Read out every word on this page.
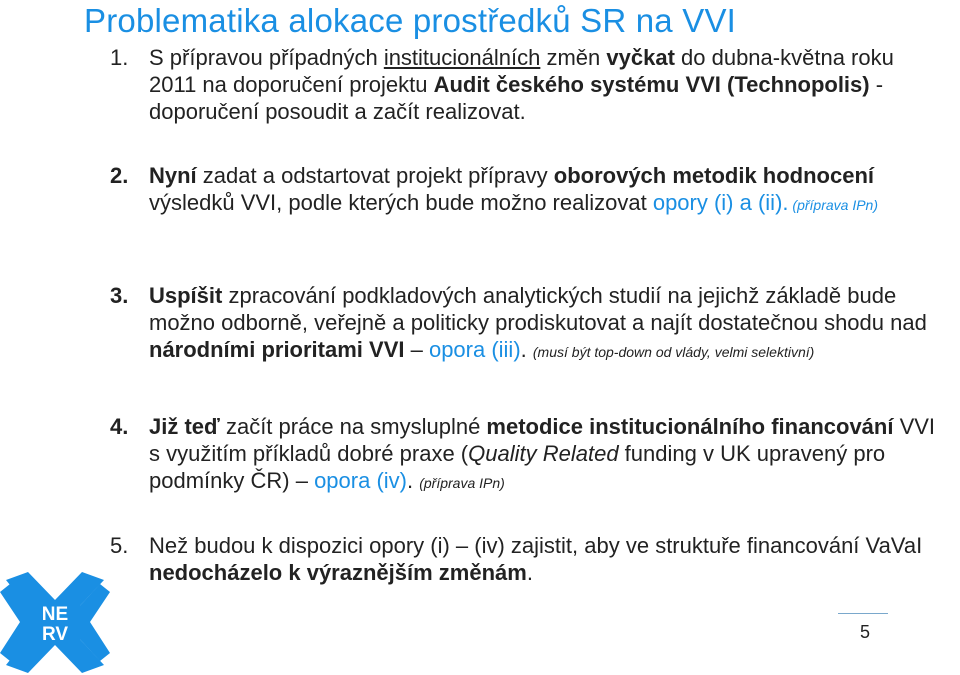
Problematika alokace prostředků SR na VVI
1. S přípravou případných institucionálních změn vyčkat do dubna-května roku 2011 na doporučení projektu Audit českého systému VVI (Technopolis) - doporučení posoudit a začít realizovat.
2. Nyní zadat a odstartovat projekt přípravy oborových metodik hodnocení výsledků VVI, podle kterých bude možno realizovat opory (i) a (ii). (příprava IPn)
3. Uspíšit zpracování podkladových analytických studií na jejichž základě bude možno odborně, veřejně a politicky prodiskutovat a najít dostatečnou shodu nad národními prioritami VVI – opora (iii). (musí být top-down od vlády, velmi selektivní)
4. Již teď začít práce na smysluplné metodice institucionálního financování VVI s využitím příkladů dobré praxe (Quality Related funding v UK upravený pro podmínky ČR) – opora (iv). (příprava IPn)
5. Než budou k dispozici opory (i) – (iv) zajistit, aby ve struktuře financování VaVaI nedocházelo k výraznějším změnám.
NE
RV	5
